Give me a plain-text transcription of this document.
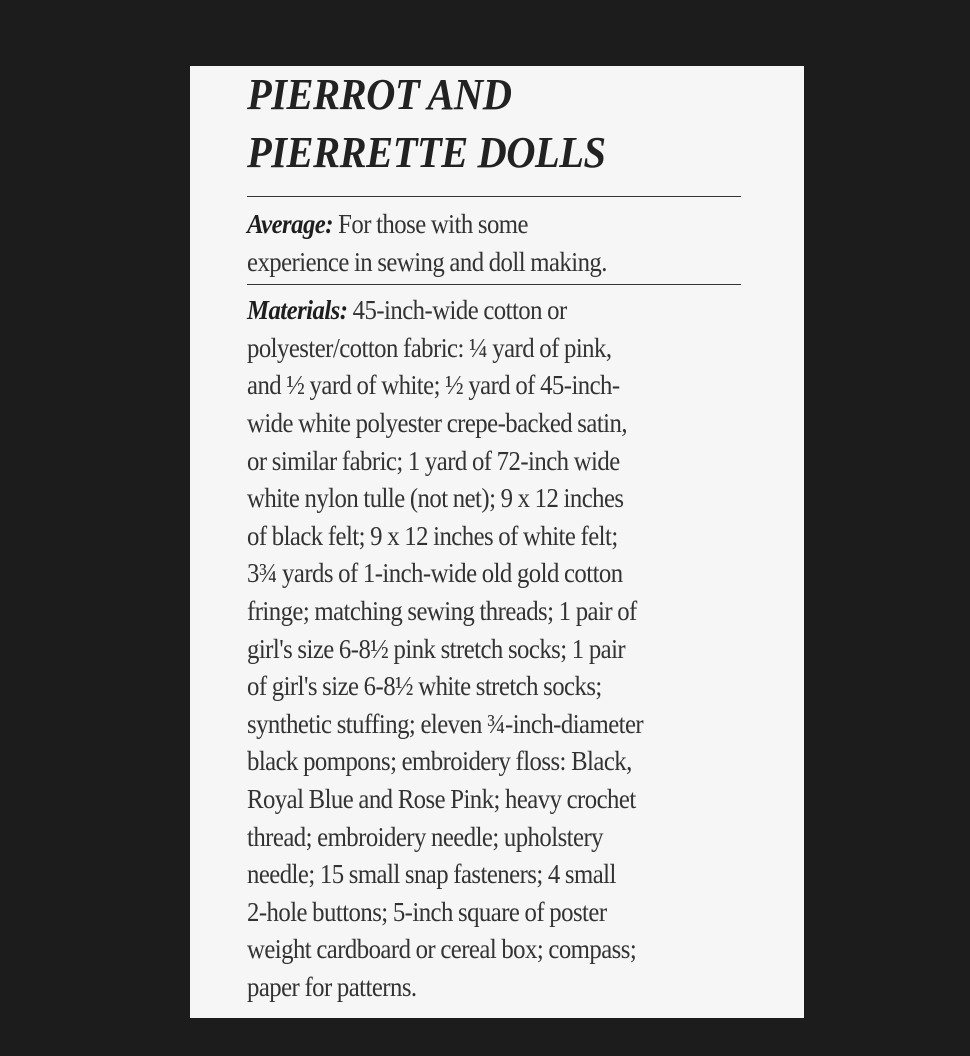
PIERROT AND
PIERRETTE DOLLS
Average: For those with some
experience in sewing and doll making.
Materials: 45-inch-wide cotton or
polyester/cotton fabric: ¼ yard of pink,
and ½ yard of white; ½ yard of 45-inch-
wide white polyester crepe-backed satin,
or similar fabric; 1 yard of 72-inch wide
white nylon tulle (not net); 9 x 12 inches
of black felt; 9 x 12 inches of white felt;
3¾ yards of 1-inch-wide old gold cotton
fringe; matching sewing threads; 1 pair of
girl's size 6-8½ pink stretch socks; 1 pair
of girl's size 6-8½ white stretch socks;
synthetic stuffing; eleven ¾-inch-diameter
black pompons; embroidery floss: Black,
Royal Blue and Rose Pink; heavy crochet
thread; embroidery needle; upholstery
needle; 15 small snap fasteners; 4 small
2-hole buttons; 5-inch square of poster
weight cardboard or cereal box; compass;
paper for patterns.
